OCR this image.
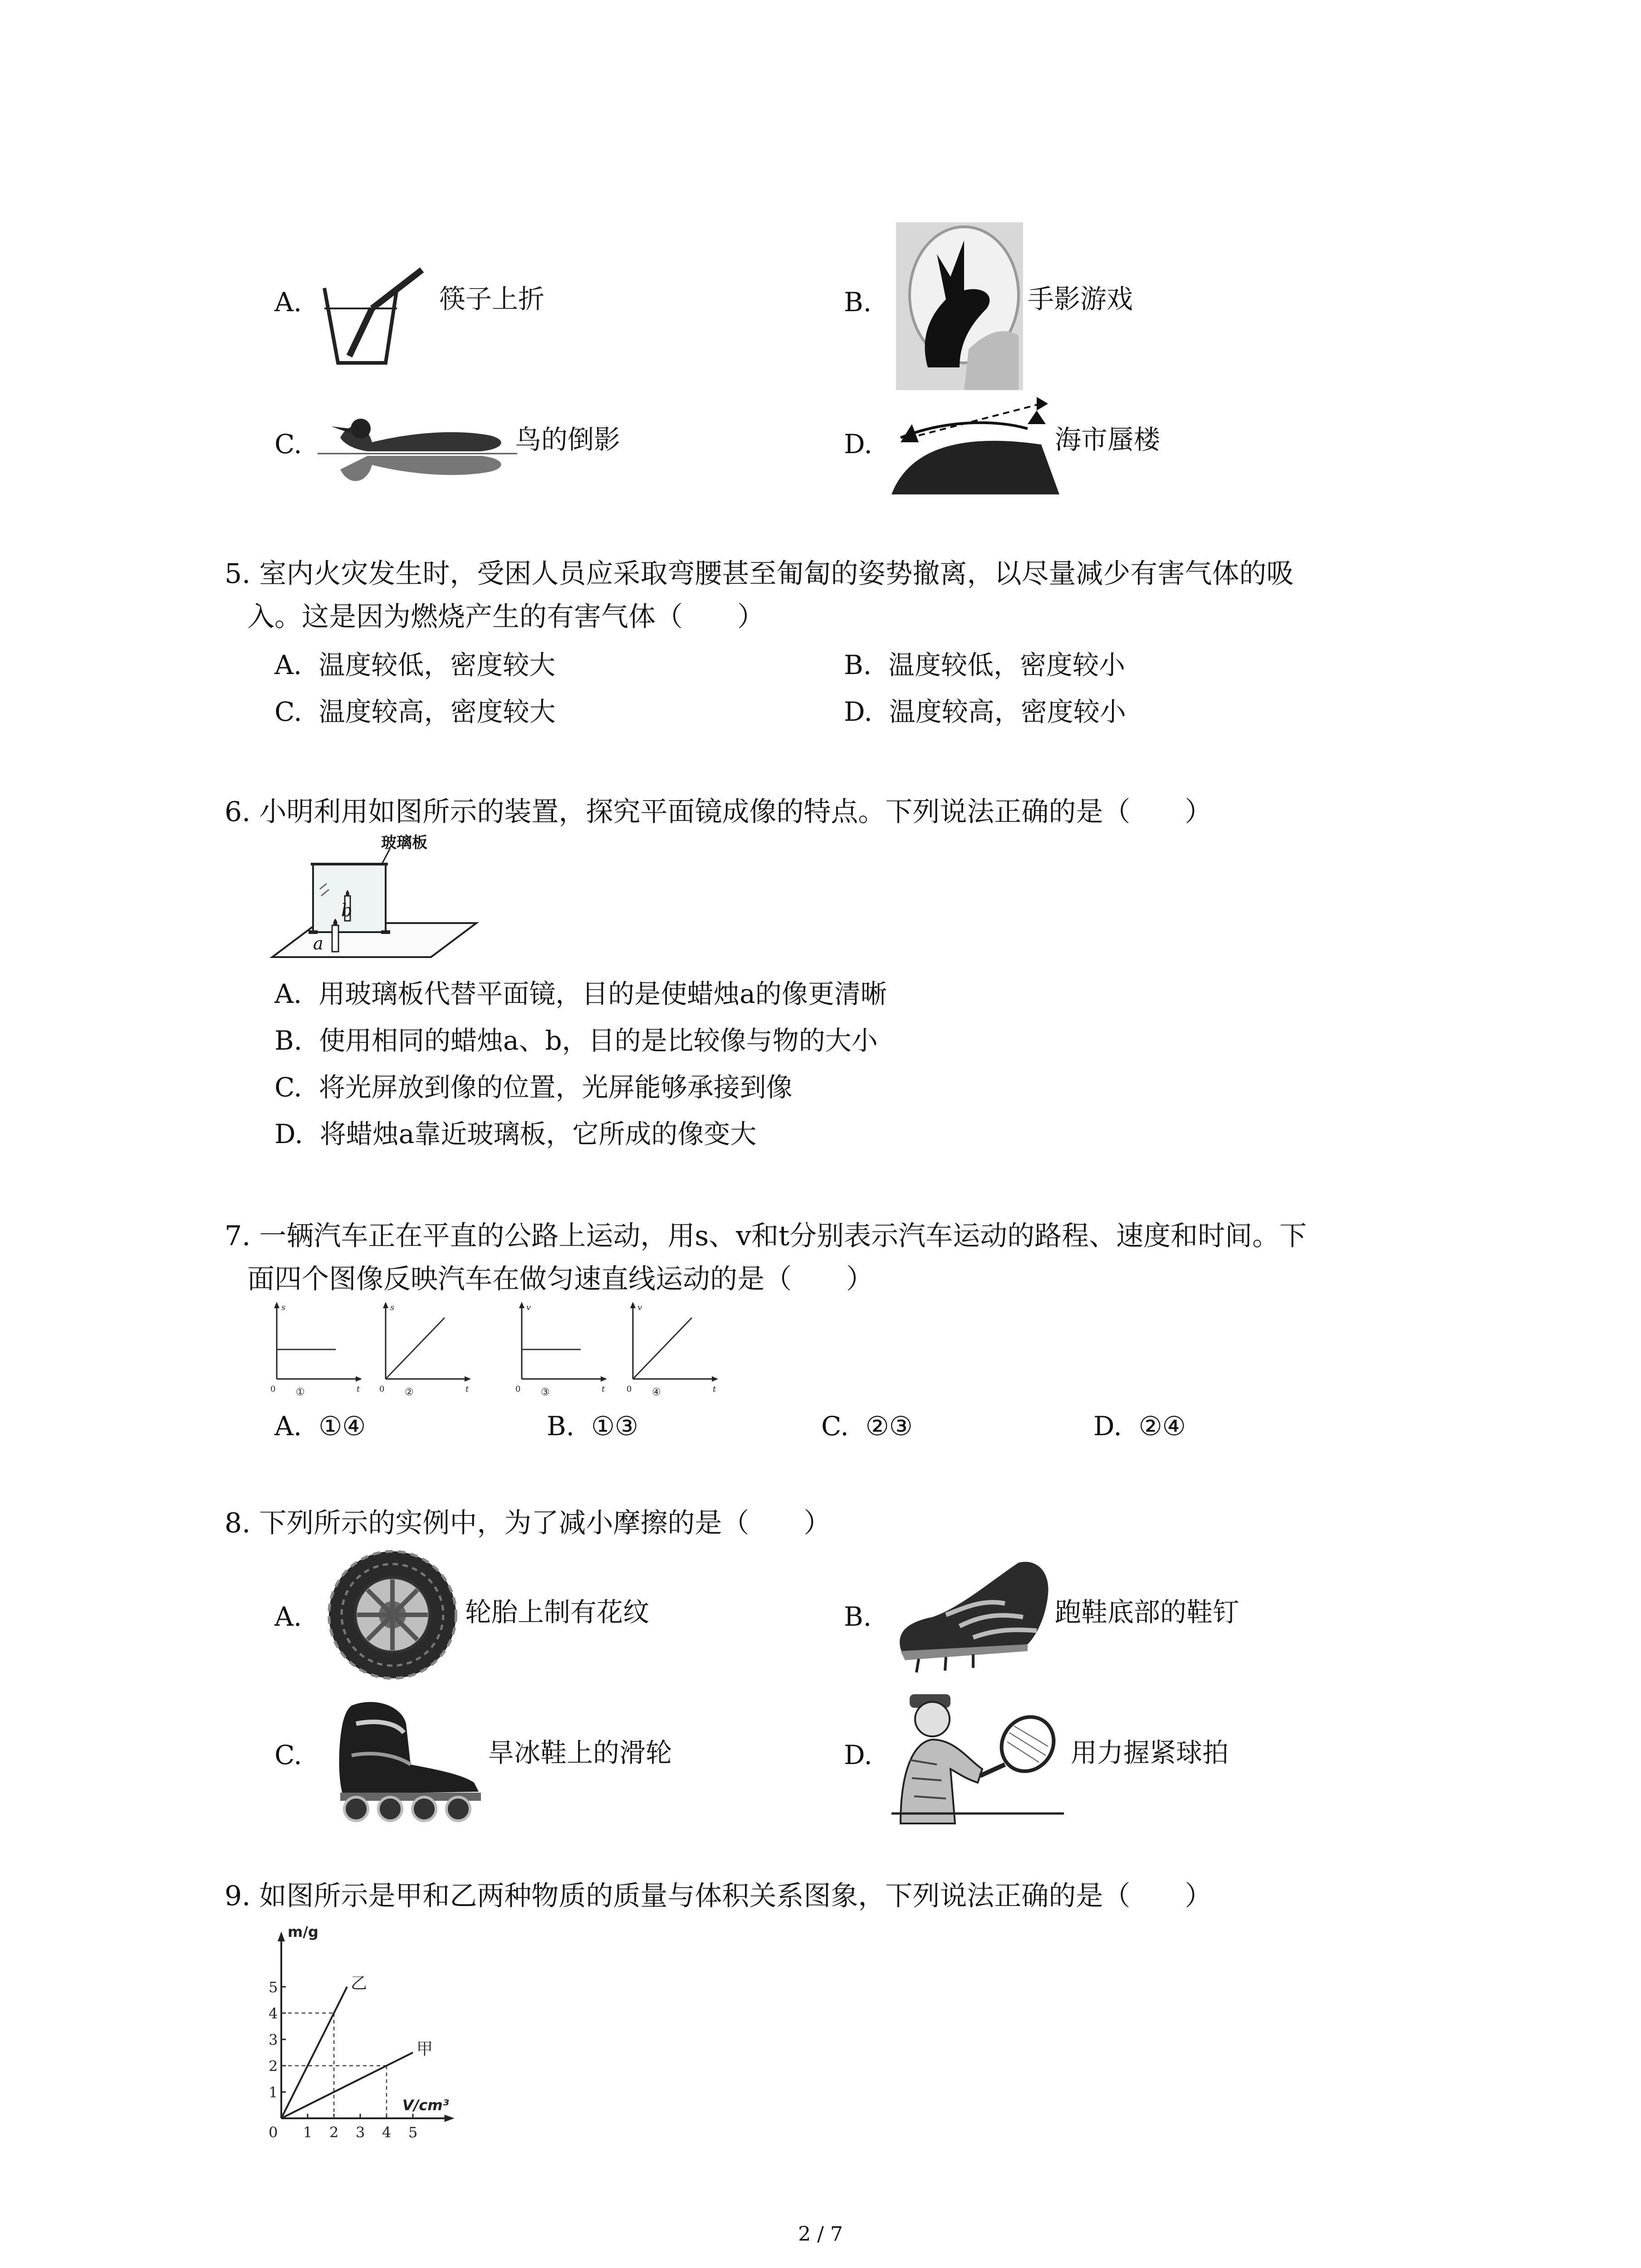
A.	筷子上折	B.	手影游戏
C.	鸟的倒影	D.	海市蜃楼
5. 室内火灾发生时，受困人员应采取弯腰甚至匍匐的姿势撤离，以尽量减少有害气体的吸
入。这是因为燃烧产生的有害气体（　　）
A. 温度较低，密度较大	B. 温度较低，密度较小
C. 温度较高，密度较大	D. 温度较高，密度较小
6. 小明利用如图所示的装置，探究平面镜成像的特点。下列说法正确的是（　　）
玻璃板
b
a
A. 用玻璃板代替平面镜，目的是使蜡烛a的像更清晰
B. 使用相同的蜡烛a、b，目的是比较像与物的大小
C. 将光屏放到像的位置，光屏能够承接到像
D. 将蜡烛a靠近玻璃板，它所成的像变大
7. 一辆汽车正在平直的公路上运动，用s、v和t分别表示汽车运动的路程、速度和时间。下
面四个图像反映汽车在做匀速直线运动的是（　　）
s
t
0 ①
s
t
0 ②
v
t
0 ③
v
t
0 ④
A. ①④	B. ①③	C. ②③	D. ②④
8. 下列所示的实例中，为了减小摩擦的是（　　）
A.	轮胎上制有花纹	B.	跑鞋底部的鞋钉
C.	旱冰鞋上的滑轮	D.	用力握紧球拍
9. 如图所示是甲和乙两种物质的质量与体积关系图象，下列说法正确的是（　　）
1
2
3
4
5
0 1 2 3 4 5
乙
甲
m/g
V/cm³
2 / 7
